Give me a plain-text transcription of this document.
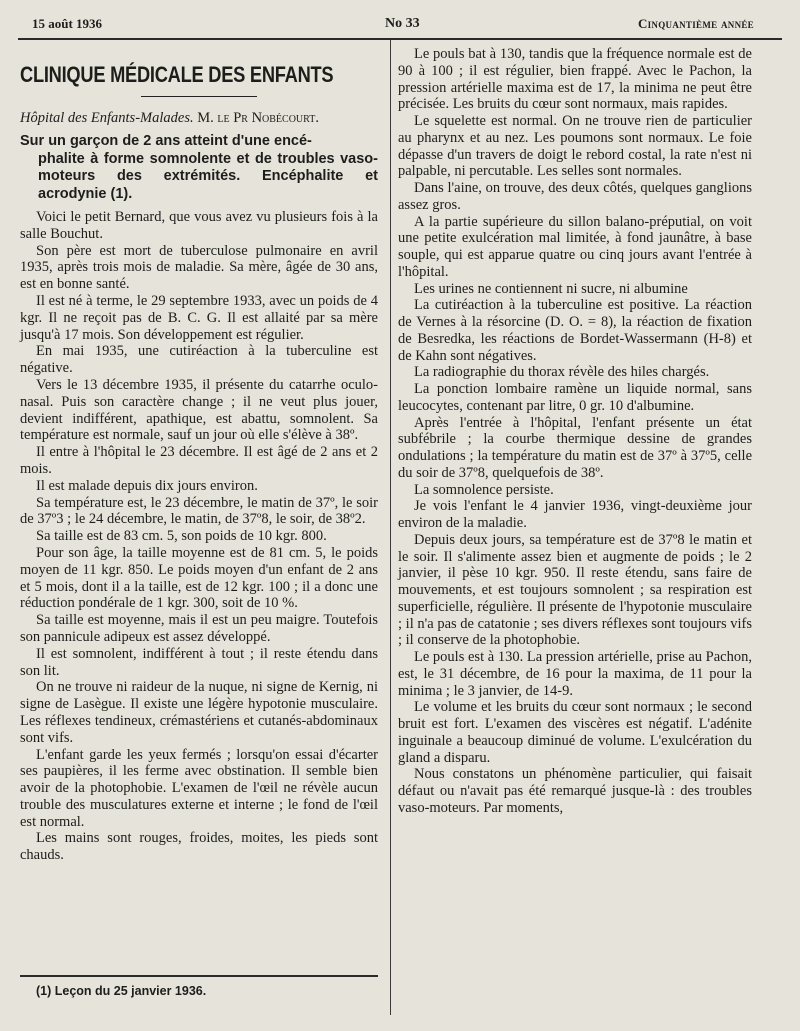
15 août 1936	No 33	Cinquantième année
CLINIQUE MÉDICALE DES ENFANTS
Hôpital des Enfants-Malades. M. le Pr Nobécourt.
Sur un garçon de 2 ans atteint d'une encé-
phalite à forme somnolente et de troubles vaso-moteurs des extrémités. Encéphalite et acrodynie (1).

Voici le petit Bernard, que vous avez vu plusieurs fois à la salle Bouchut.

Son père est mort de tuberculose pulmonaire en avril 1935, après trois mois de maladie. Sa mère, âgée de 30 ans, est en bonne santé.

Il est né à terme, le 29 septembre 1933, avec un poids de 4 kgr. Il ne reçoit pas de B. C. G. Il est allaité par sa mère jusqu'à 17 mois. Son développement est régulier.

En mai 1935, une cutiréaction à la tuberculine est négative.

Vers le 13 décembre 1935, il présente du catarrhe oculo-nasal. Puis son caractère change ; il ne veut plus jouer, devient indifférent, apathique, est abattu, somnolent. Sa température est normale, sauf un jour où elle s'élève à 38º.

Il entre à l'hôpital le 23 décembre. Il est âgé de 2 ans et 2 mois.

Il est malade depuis dix jours environ.

Sa température est, le 23 décembre, le matin de 37º, le soir de 37º3 ; le 24 décembre, le matin, de 37º8, le soir, de 38º2.

Sa taille est de 83 cm. 5, son poids de 10 kgr. 800.

Pour son âge, la taille moyenne est de 81 cm. 5, le poids moyen de 11 kgr. 850. Le poids moyen d'un enfant de 2 ans et 5 mois, dont il a la taille, est de 12 kgr. 100 ; il a donc une réduction pondérale de 1 kgr. 300, soit de 10 %.

Sa taille est moyenne, mais il est un peu maigre. Toutefois son pannicule adipeux est assez développé.

Il est somnolent, indifférent à tout ; il reste étendu dans son lit.

On ne trouve ni raideur de la nuque, ni signe de Kernig, ni signe de Lasègue. Il existe une légère hypotonie musculaire. Les réflexes tendineux, crémastériens et cutanés-abdominaux sont vifs.

L'enfant garde les yeux fermés ; lorsqu'on essai d'écarter ses paupières, il les ferme avec obstination. Il semble bien avoir de la photophobie. L'examen de l'œil ne révèle aucun trouble des musculatures externe et interne ; le fond de l'œil est normal.

Les mains sont rouges, froides, moites, les pieds sont chauds.

Le pouls bat à 130, tandis que la fréquence normale est de 90 à 100 ; il est régulier, bien frappé. Avec le Pachon, la pression artérielle maxima est de 17, la minima ne peut être précisée. Les bruits du cœur sont normaux, mais rapides.

Le squelette est normal. On ne trouve rien de particulier au pharynx et au nez. Les poumons sont normaux. Le foie dépasse d'un travers de doigt le rebord costal, la rate n'est ni palpable, ni percutable. Les selles sont normales.

Dans l'aine, on trouve, des deux côtés, quelques ganglions assez gros.

A la partie supérieure du sillon balano-préputial, on voit une petite exulcération mal limitée, à fond jaunâtre, à base souple, qui est apparue quatre ou cinq jours avant l'entrée à l'hôpital.

Les urines ne contiennent ni sucre, ni albumine

La cutiréaction à la tuberculine est positive. La réaction de Vernes à la résorcine (D. O. = 8), la réaction de fixation de Besredka, les réactions de Bordet-Wassermann (H-8) et de Kahn sont négatives.

La radiographie du thorax révèle des hiles chargés.

La ponction lombaire ramène un liquide normal, sans leucocytes, contenant par litre, 0 gr. 10 d'albumine.

Après l'entrée à l'hôpital, l'enfant présente un état subfébrile ; la courbe thermique dessine de grandes ondulations ; la température du matin est de 37º à 37º5, celle du soir de 37º8, quelquefois de 38º.

La somnolence persiste.

Je vois l'enfant le 4 janvier 1936, vingt-deuxième jour environ de la maladie.

Depuis deux jours, sa température est de 37º8 le matin et le soir. Il s'alimente assez bien et augmente de poids ; le 2 janvier, il pèse 10 kgr. 950. Il reste étendu, sans faire de mouvements, et est toujours somnolent ; sa respiration est superficielle, régulière. Il présente de l'hypotonie musculaire ; il n'a pas de catatonie ; ses divers réflexes sont toujours vifs ; il conserve de la photophobie.

Le pouls est à 130. La pression artérielle, prise au Pachon, est, le 31 décembre, de 16 pour la maxima, de 11 pour la minima ; le 3 janvier, de 14-9.

Le volume et les bruits du cœur sont normaux ; le second bruit est fort. L'examen des viscères est négatif. L'adénite inguinale a beaucoup diminué de volume. L'exulcération du gland a disparu.

Nous constatons un phénomène particulier, qui faisait défaut ou n'avait pas été remarqué jusque-là : des troubles vaso-moteurs. Par moments,

(1) Leçon du 25 janvier 1936.
